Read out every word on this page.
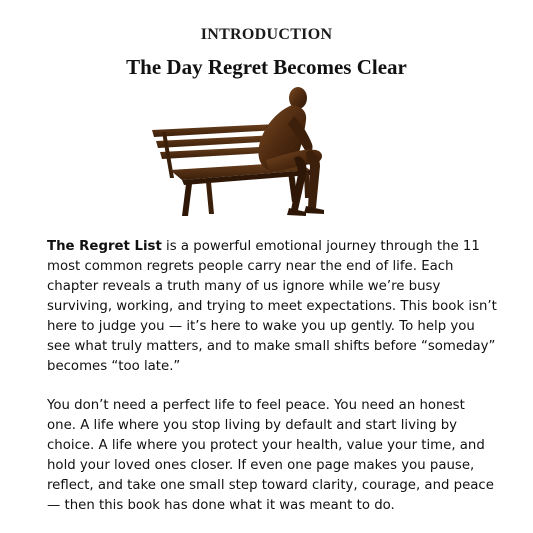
INTRODUCTION
The Day Regret Becomes Clear

The Regret List is a powerful emotional journey through the 11 most common regrets people carry near the end of life. Each chapter reveals a truth many of us ignore while we’re busy surviving, working, and trying to meet expectations. This book isn’t here to judge you — it’s here to wake you up gently. To help you see what truly matters, and to make small shifts before “someday” becomes “too late.”

You don’t need a perfect life to feel peace. You need an honest one. A life where you stop living by default and start living by choice. A life where you protect your health, value your time, and hold your loved ones closer. If even one page makes you pause, reflect, and take one small step toward clarity, courage, and peace — then this book has done what it was meant to do.
